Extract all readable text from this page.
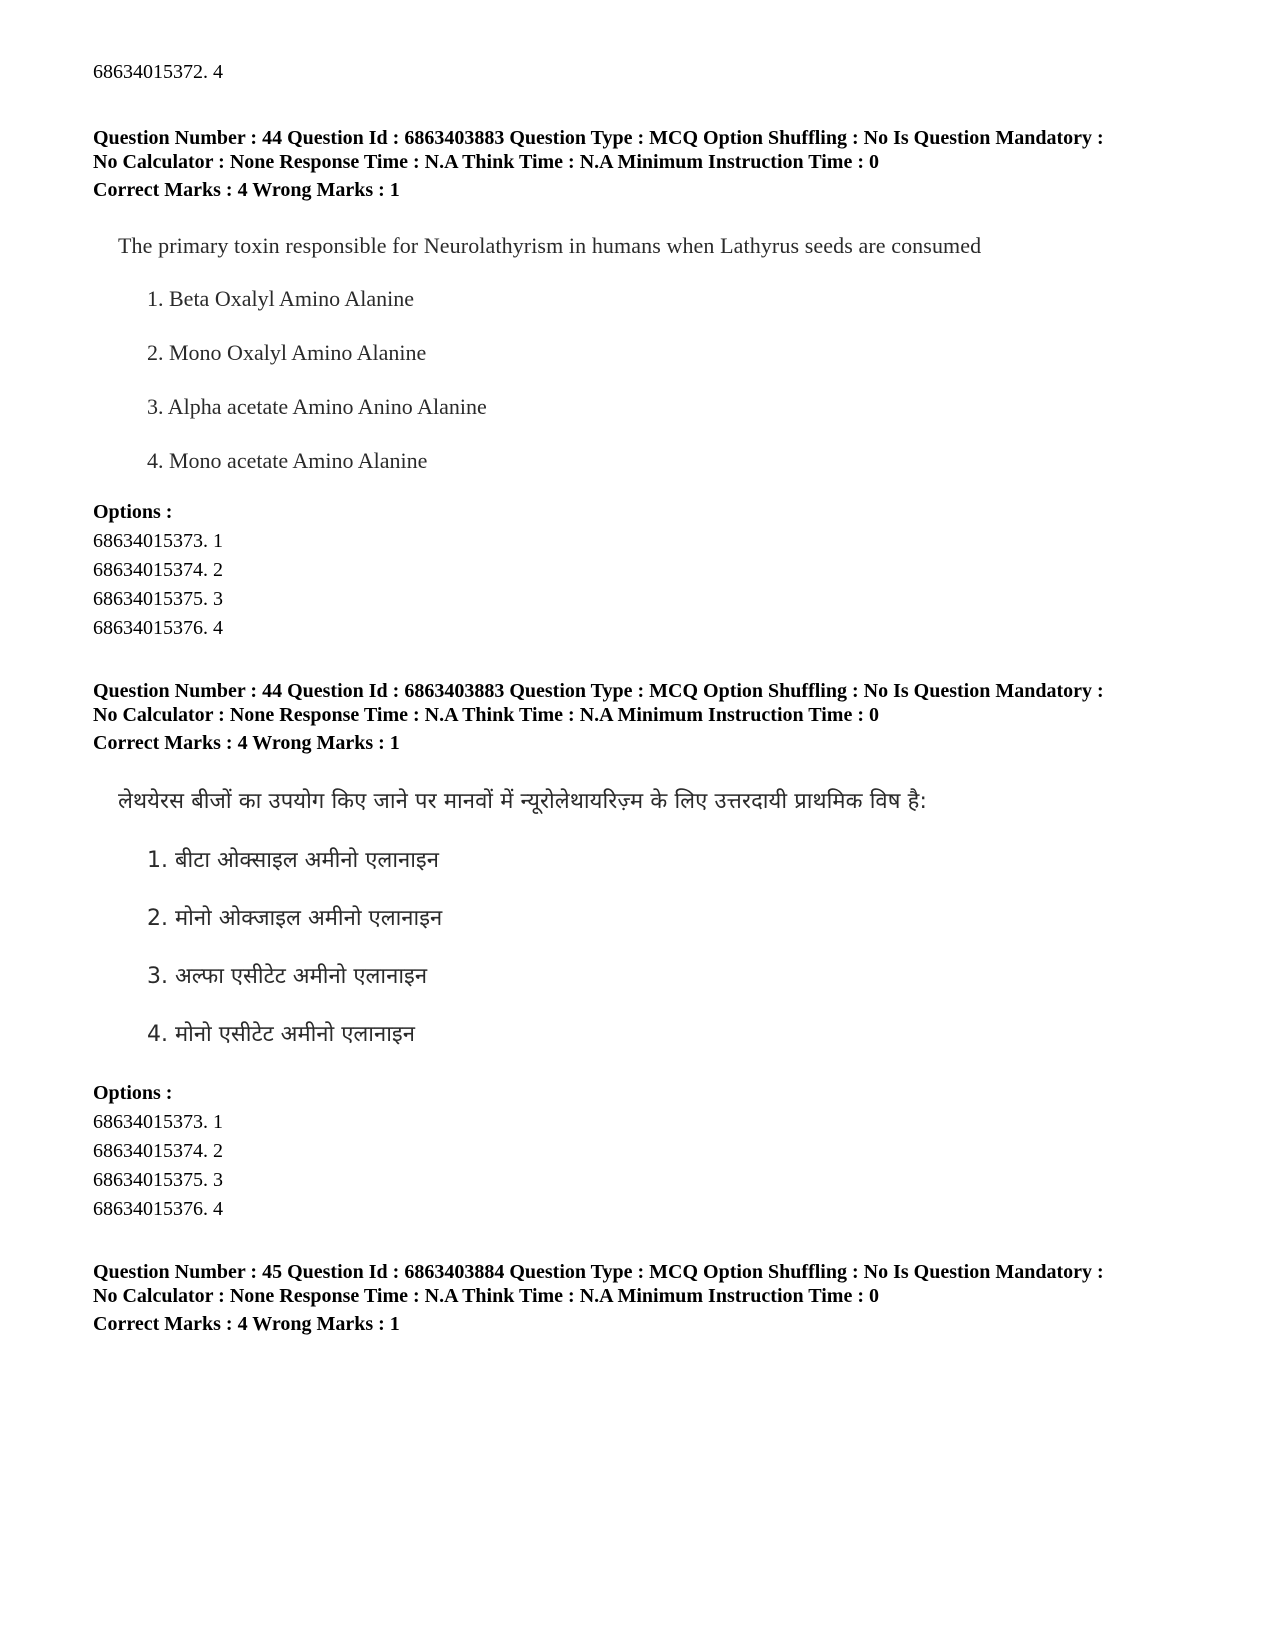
68634015372. 4
Question Number : 44 Question Id : 6863403883 Question Type : MCQ Option Shuffling : No Is Question Mandatory :
No Calculator : None Response Time : N.A Think Time : N.A Minimum Instruction Time : 0
Correct Marks : 4 Wrong Marks : 1
The primary toxin responsible for Neurolathyrism in humans when Lathyrus seeds are consumed
1. Beta Oxalyl Amino Alanine
2. Mono Oxalyl Amino Alanine
3. Alpha acetate Amino Anino Alanine
4. Mono acetate Amino Alanine
Options :
68634015373. 1
68634015374. 2
68634015375. 3
68634015376. 4
Question Number : 44 Question Id : 6863403883 Question Type : MCQ Option Shuffling : No Is Question Mandatory :
No Calculator : None Response Time : N.A Think Time : N.A Minimum Instruction Time : 0
Correct Marks : 4 Wrong Marks : 1
लेथयेरस बीजों का उपयोग किए जाने पर मानवों में न्यूरोलेथायरिज़्म के लिए उत्तरदायी प्राथमिक विष है:
1. बीटा ओक्साइल अमीनो एलानाइन
2. मोनो ओक्जाइल अमीनो एलानाइन
3. अल्फा एसीटेट अमीनो एलानाइन
4. मोनो एसीटेट अमीनो एलानाइन
Options :
68634015373. 1
68634015374. 2
68634015375. 3
68634015376. 4
Question Number : 45 Question Id : 6863403884 Question Type : MCQ Option Shuffling : No Is Question Mandatory :
No Calculator : None Response Time : N.A Think Time : N.A Minimum Instruction Time : 0
Correct Marks : 4 Wrong Marks : 1
